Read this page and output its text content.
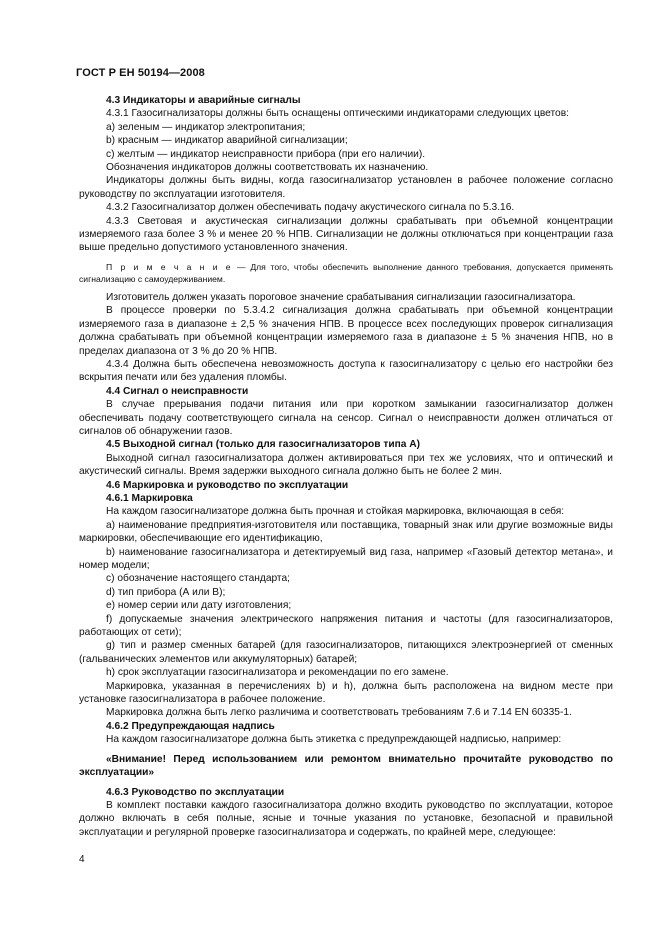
ГОСТ Р ЕН 50194—2008

4.3 Индикаторы и аварийные сигналы

4.3.1 Газосигнализаторы должны быть оснащены оптическими индикаторами следующих цветов:

а) зеленым — индикатор электропитания;

b) красным — индикатор аварийной сигнализации;

с) желтым — индикатор неисправности прибора (при его наличии).

Обозначения индикаторов должны соответствовать их назначению.

Индикаторы должны быть видны, когда газосигнализатор установлен в рабочее положение согласно руководству по эксплуатации изготовителя.

4.3.2 Газосигнализатор должен обеспечивать подачу акустического сигнала по 5.3.16.

4.3.3 Световая и акустическая сигнализации должны срабатывать при объемной концентрации измеряемого газа более 3 % и менее 20 % НПВ. Сигнализации не должны отключаться при концентрации газа выше предельно допустимого установленного значения.

П р и м е ч а н и е — Для того, чтобы обеспечить выполнение данного требования, допускается применять сигнализацию с самоудерживанием.

Изготовитель должен указать пороговое значение срабатывания сигнализации газосигнализатора.

В процессе проверки по 5.3.4.2 сигнализация должна срабатывать при объемной концентрации измеряемого газа в диапазоне ± 2,5 % значения НПВ. В процессе всех последующих проверок сигнализация должна срабатывать при объемной концентрации измеряемого газа в диапазоне ± 5 % значения НПВ, но в пределах диапазона от 3 % до 20 % НПВ.

4.3.4 Должна быть обеспечена невозможность доступа к газосигнализатору с целью его настройки без вскрытия печати или без удаления пломбы.

4.4 Сигнал о неисправности

В случае прерывания подачи питания или при коротком замыкании газосигнализатор должен обеспечивать подачу соответствующего сигнала на сенсор. Сигнал о неисправности должен отличаться от сигналов об обнаружении газов.

4.5 Выходной сигнал (только для газосигнализаторов типа А)

Выходной сигнал газосигнализатора должен активироваться при тех же условиях, что и оптический и акустический сигналы. Время задержки выходного сигнала должно быть не более 2 мин.

4.6 Маркировка и руководство по эксплуатации

4.6.1 Маркировка

На каждом газосигнализаторе должна быть прочная и стойкая маркировка, включающая в себя:

а) наименование предприятия-изготовителя или поставщика, товарный знак или другие возможные виды маркировки, обеспечивающие его идентификацию,

b) наименование газосигнализатора и детектируемый вид газа, например «Газовый детектор метана», и номер модели;

с) обозначение настоящего стандарта;

d) тип прибора (А или В);

е) номер серии или дату изготовления;

f) допускаемые значения электрического напряжения питания и частоты (для газосигнализаторов, работающих от сети);

g) тип и размер сменных батарей (для газосигнализаторов, питающихся электроэнергией от сменных (гальванических элементов или аккумуляторных) батарей;

h) срок эксплуатации газосигнализатора и рекомендации по его замене.

Маркировка, указанная в перечислениях b) и h), должна быть расположена на видном месте при установке газосигнализатора в рабочее положение.

Маркировка должна быть легко различима и соответствовать требованиям 7.6 и 7.14 EN 60335-1.

4.6.2 Предупреждающая надпись

На каждом газосигнализаторе должна быть этикетка с предупреждающей надписью, например:

«Внимание! Перед использованием или ремонтом внимательно прочитайте руководство по эксплуатации»

4.6.3 Руководство по эксплуатации

В комплект поставки каждого газосигнализатора должно входить руководство по эксплуатации, которое должно включать в себя полные, ясные и точные указания по установке, безопасной и правильной эксплуатации и регулярной проверке газосигнализатора и содержать, по крайней мере, следующее:

4
